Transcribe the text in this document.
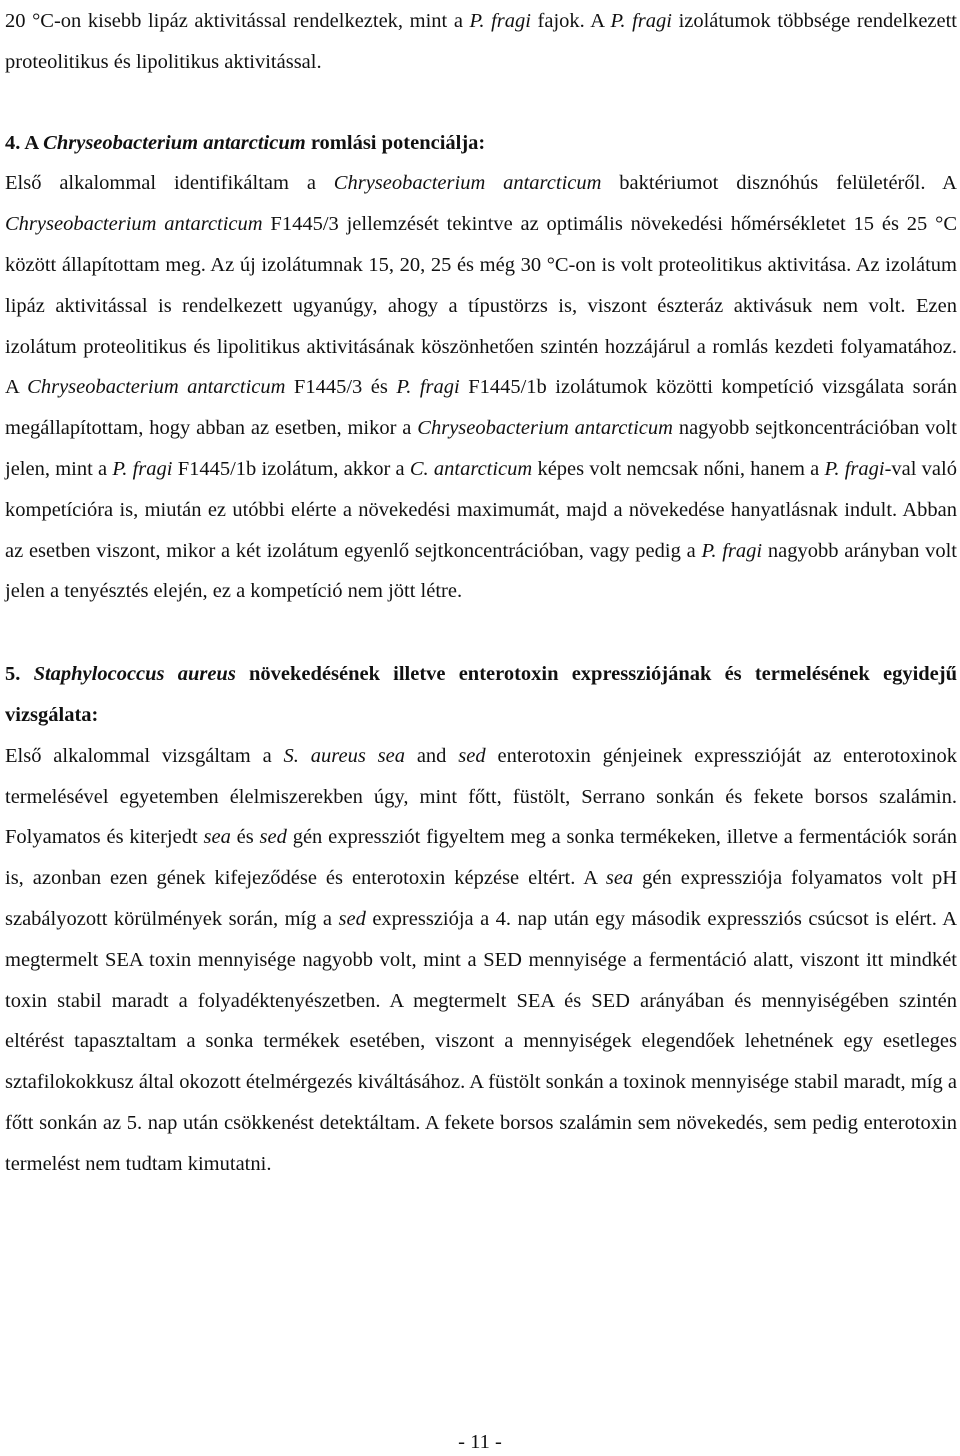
20 °C-on kisebb lipáz aktivitással rendelkeztek, mint a P. fragi fajok. A P. fragi izolátumok többsége rendelkezett proteolitikus és lipolitikus aktivitással.

4. A Chryseobacterium antarcticum romlási potenciálja:

Első alkalommal identifikáltam a Chryseobacterium antarcticum baktériumot disznóhús felületéről. A Chryseobacterium antarcticum F1445/3 jellemzését tekintve az optimális növekedési hőmérsékletet 15 és 25 °C között állapítottam meg. Az új izolátumnak 15, 20, 25 és még 30 °C-on is volt proteolitikus aktivitása. Az izolátum lipáz aktivitással is rendelkezett ugyanúgy, ahogy a típustörzs is, viszont észteráz aktivásuk nem volt. Ezen izolátum proteolitikus és lipolitikus aktivitásának köszönhetően szintén hozzájárul a romlás kezdeti folyamatához. A Chryseobacterium antarcticum F1445/3 és P. fragi F1445/1b izolátumok közötti kompetíció vizsgálata során megállapítottam, hogy abban az esetben, mikor a Chryseobacterium antarcticum nagyobb sejtkoncentrációban volt jelen, mint a P. fragi F1445/1b izolátum, akkor a C. antarcticum képes volt nemcsak nőni, hanem a P. fragi-val való kompetícióra is, miután ez utóbbi elérte a növekedési maximumát, majd a növekedése hanyatlásnak indult. Abban az esetben viszont, mikor a két izolátum egyenlő sejtkoncentrációban, vagy pedig a P. fragi nagyobb arányban volt jelen a tenyésztés elején, ez a kompetíció nem jött létre.

5. Staphylococcus aureus növekedésének illetve enterotoxin expressziójának és termelésének egyidejű vizsgálata:

Első alkalommal vizsgáltam a S. aureus sea and sed enterotoxin génjeinek expresszióját az enterotoxinok termelésével egyetemben élelmiszerekben úgy, mint főtt, füstölt, Serrano sonkán és fekete borsos szalámin. Folyamatos és kiterjedt sea és sed gén expressziót figyeltem meg a sonka termékeken, illetve a fermentációk során is, azonban ezen gének kifejeződése és enterotoxin képzése eltért. A sea gén expressziója folyamatos volt pH szabályozott körülmények során, míg a sed expressziója a 4. nap után egy második expressziós csúcsot is elért. A megtermelt SEA toxin mennyisége nagyobb volt, mint a SED mennyisége a fermentáció alatt, viszont itt mindkét toxin stabil maradt a folyadéktenyészetben. A megtermelt SEA és SED arányában és mennyiségében szintén eltérést tapasztaltam a sonka termékek esetében, viszont a mennyiségek elegendőek lehetnének egy esetleges sztafilokokkusz által okozott ételmérgezés kiváltásához. A füstölt sonkán a toxinok mennyisége stabil maradt, míg a főtt sonkán az 5. nap után csökkenést detektáltam. A fekete borsos szalámin sem növekedés, sem pedig enterotoxin termelést nem tudtam kimutatni.

- 11 -
